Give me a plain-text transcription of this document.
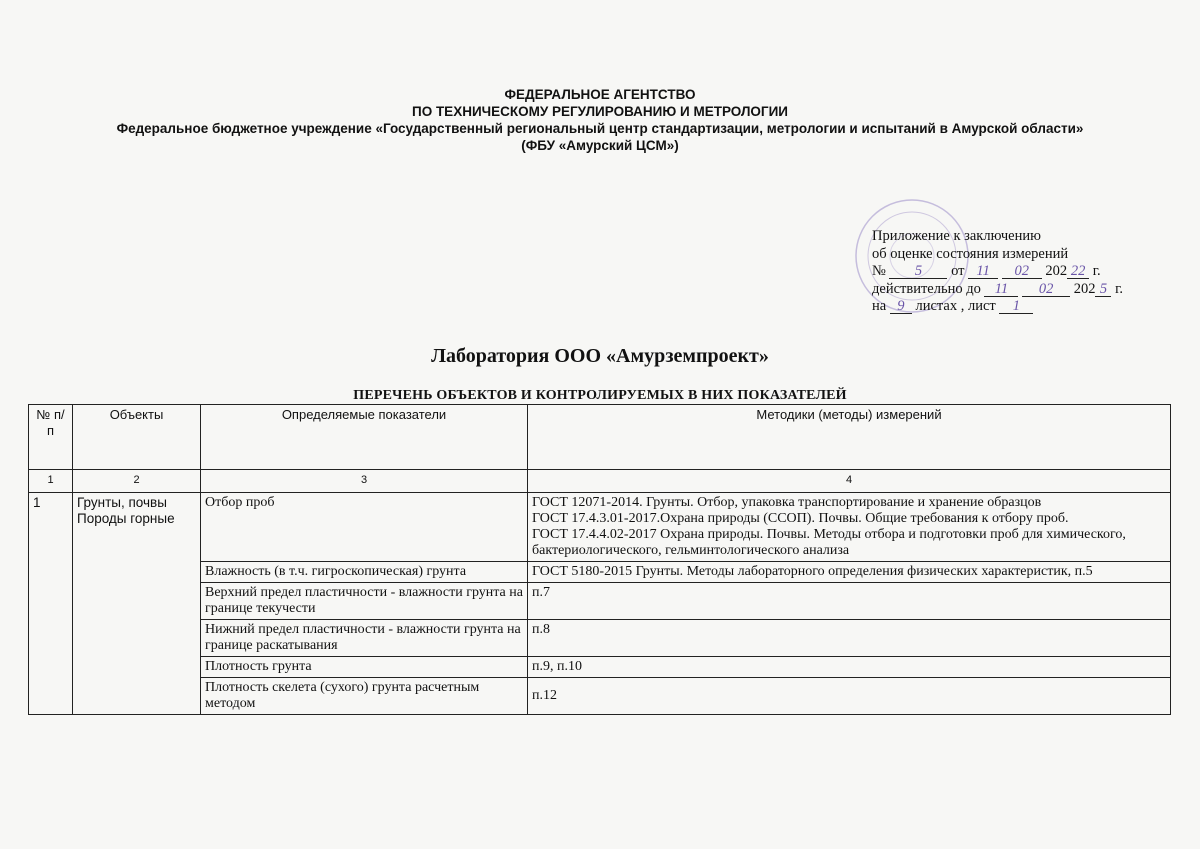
ФЕДЕРАЛЬНОЕ АГЕНТСТВО
ПО ТЕХНИЧЕСКОМУ РЕГУЛИРОВАНИЮ И МЕТРОЛОГИИ
Федеральное бюджетное учреждение «Государственный региональный центр стандартизации, метрологии и испытаний в Амурской области»
(ФБУ «Амурский ЦСМ»)
Приложение к заключению
об оценке состояния измерений
№ 5 от 11 02 202 22 г.
действительно до 11 02 202 5 г.
на 9 листах , лист 1
Лаборатория ООО «Амурземпроект»
ПЕРЕЧЕНЬ ОБЪЕКТОВ И КОНТРОЛИРУЕМЫХ В НИХ ПОКАЗАТЕЛЕЙ
№ п/п	Объекты	Определяемые показатели	Методики (методы) измерений
1	2	3	4
1	Грунты, почвы Породы горные	Отбор проб	ГОСТ 12071-2014. Грунты. Отбор, упаковка транспортирование и хранение образцов
ГОСТ 17.4.3.01-2017.Охрана природы (ССОП). Почвы. Общие требования к отбору проб.
ГОСТ 17.4.4.02-2017 Охрана природы. Почвы. Методы отбора и подготовки проб для химического, бактериологического, гельминтологического анализа
		Влажность (в т.ч. гигроскопическая) грунта	ГОСТ 5180-2015 Грунты. Методы лабораторного определения физических характеристик, п.5
		Верхний предел пластичности - влажности грунта на границе текучести	п.7
		Нижний предел пластичности - влажности грунта на границе раскатывания	п.8
		Плотность грунта	п.9, п.10
		Плотность скелета (сухого) грунта расчетным методом	п.12
